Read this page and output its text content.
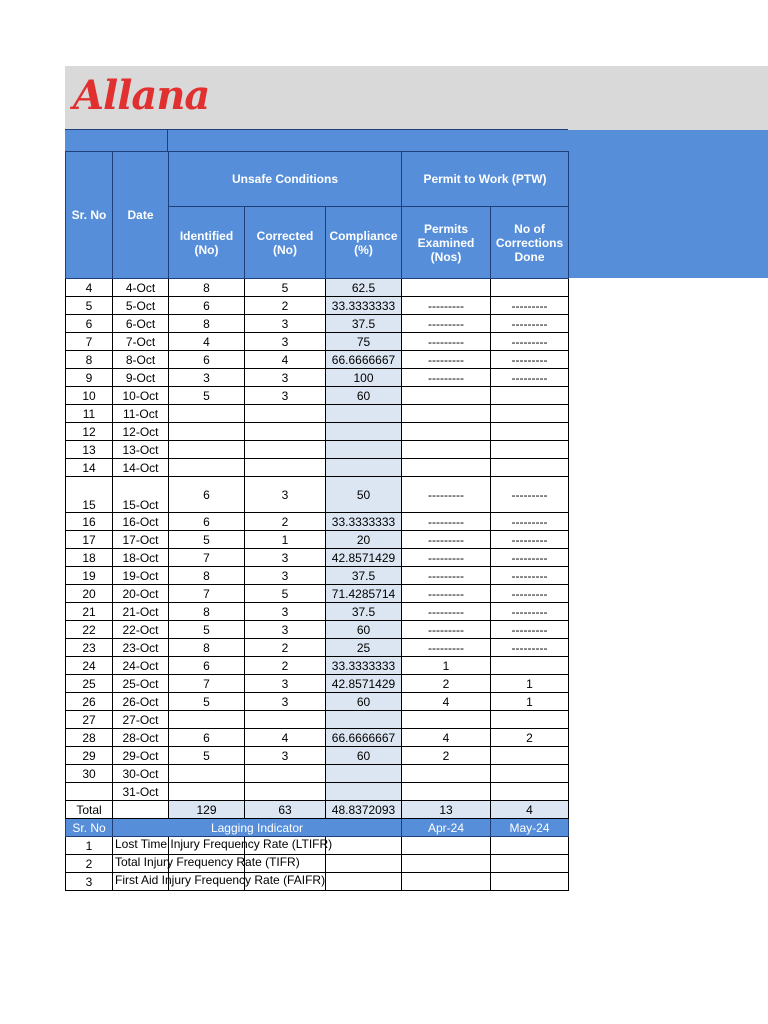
Allana
Sr. No	Date	Unsafe Conditions			Permit to Work (PTW)	
		Identified (No)	Corrected (No)	Compliance (%)	Permits Examined (Nos)	No of Corrections Done
4	4-Oct	8	5	62.5		
5	5-Oct	6	2	33.3333333	---------	---------
6	6-Oct	8	3	37.5	---------	---------
7	7-Oct	4	3	75	---------	---------
8	8-Oct	6	4	66.6666667	---------	---------
9	9-Oct	3	3	100	---------	---------
10	10-Oct	5	3	60		
11	11-Oct					
12	12-Oct					
13	13-Oct					
14	14-Oct					
15	15-Oct	6	3	50	---------	---------
16	16-Oct	6	2	33.3333333	---------	---------
17	17-Oct	5	1	20	---------	---------
18	18-Oct	7	3	42.8571429	---------	---------
19	19-Oct	8	3	37.5	---------	---------
20	20-Oct	7	5	71.4285714	---------	---------
21	21-Oct	8	3	37.5	---------	---------
22	22-Oct	5	3	60	---------	---------
23	23-Oct	8	2	25	---------	---------
24	24-Oct	6	2	33.3333333	1	
25	25-Oct	7	3	42.8571429	2	1
26	26-Oct	5	3	60	4	1
27	27-Oct					
28	28-Oct	6	4	66.6666667	4	2
29	29-Oct	5	3	60	2	
30	30-Oct					
	31-Oct					
Total		129	63	48.8372093	13	4
Sr. No	Lagging Indicator				Apr-24	May-24
1	Lost Time Injury Frequency Rate (LTIFR)					

2	Total Injury Frequency Rate (TIFR)					

3	First Aid Injury Frequency Rate (FAIFR)					
